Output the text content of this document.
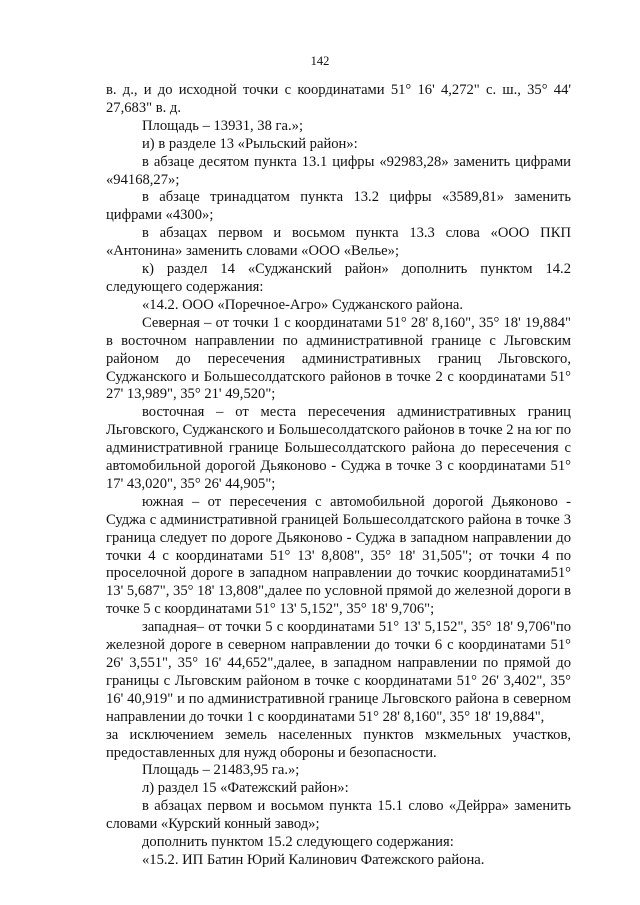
142

в. д., и до исходной точки с координатами 51° 16' 4,272" с. ш., 35° 44' 27,683" в. д.

Площадь – 13931, 38 га.»;

и) в разделе 13 «Рыльский район»:

в абзаце десятом пункта 13.1 цифры «92983,28» заменить цифрами «94168,27»;

в абзаце тринадцатом пункта 13.2 цифры «3589,81» заменить цифрами «4300»;

в абзацах первом и восьмом пункта 13.3 слова «ООО ПКП «Антонина» заменить словами «ООО «Велье»;

к) раздел 14 «Суджанский район» дополнить пунктом 14.2 следующего содержания:

«14.2. ООО «Поречное-Агро» Суджанского района.

Северная – от точки 1 с координатами 51° 28' 8,160", 35° 18' 19,884" в восточном направлении по административной границе с Льговским районом до пересечения административных границ Льговского, Суджанского и Большесолдатского районов в точке 2 с координатами 51° 27' 13,989", 35° 21' 49,520";

восточная – от места пересечения административных границ Льговского, Суджанского и Большесолдатского районов в точке 2 на юг по административной границе Большесолдатского района до пересечения с автомобильной дорогой Дьяконово - Суджа в точке 3 с координатами 51° 17' 43,020", 35° 26' 44,905";

южная – от пересечения с автомобильной дорогой Дьяконово - Суджа с административной границей Большесолдатского района в точке 3 граница следует по дороге Дьяконово - Суджа в западном направлении до точки 4 с координатами 51° 13' 8,808", 35° 18' 31,505"; от точки 4 по проселочной дороге в западном направлении до точкис координатами51° 13' 5,687", 35° 18' 13,808",далее по условной прямой до железной дороги в точке 5 с координатами 51° 13' 5,152", 35° 18' 9,706";

западная– от точки 5 с координатами 51° 13' 5,152", 35° 18' 9,706"по железной дороге в северном направлении до точки 6 с координатами 51° 26' 3,551", 35° 16' 44,652",далее, в западном направлении по прямой до границы с Льговским районом в точке с координатами 51° 26' 3,402", 35° 16' 40,919" и по административной границе Льговского района в северном направлении до точки 1 с координатами 51° 28' 8,160", 35° 18' 19,884",

за исключением земель населенных пунктов мзкмельных участков, предоставленных для нужд обороны и безопасности.

Площадь – 21483,95 га.»;

л) раздел 15 «Фатежский район»:

в абзацах первом и восьмом пункта 15.1 слово «Дейрра» заменить словами «Курский конный завод»;

дополнить пунктом 15.2 следующего содержания:

«15.2. ИП Батин Юрий Калинович Фатежского района.
